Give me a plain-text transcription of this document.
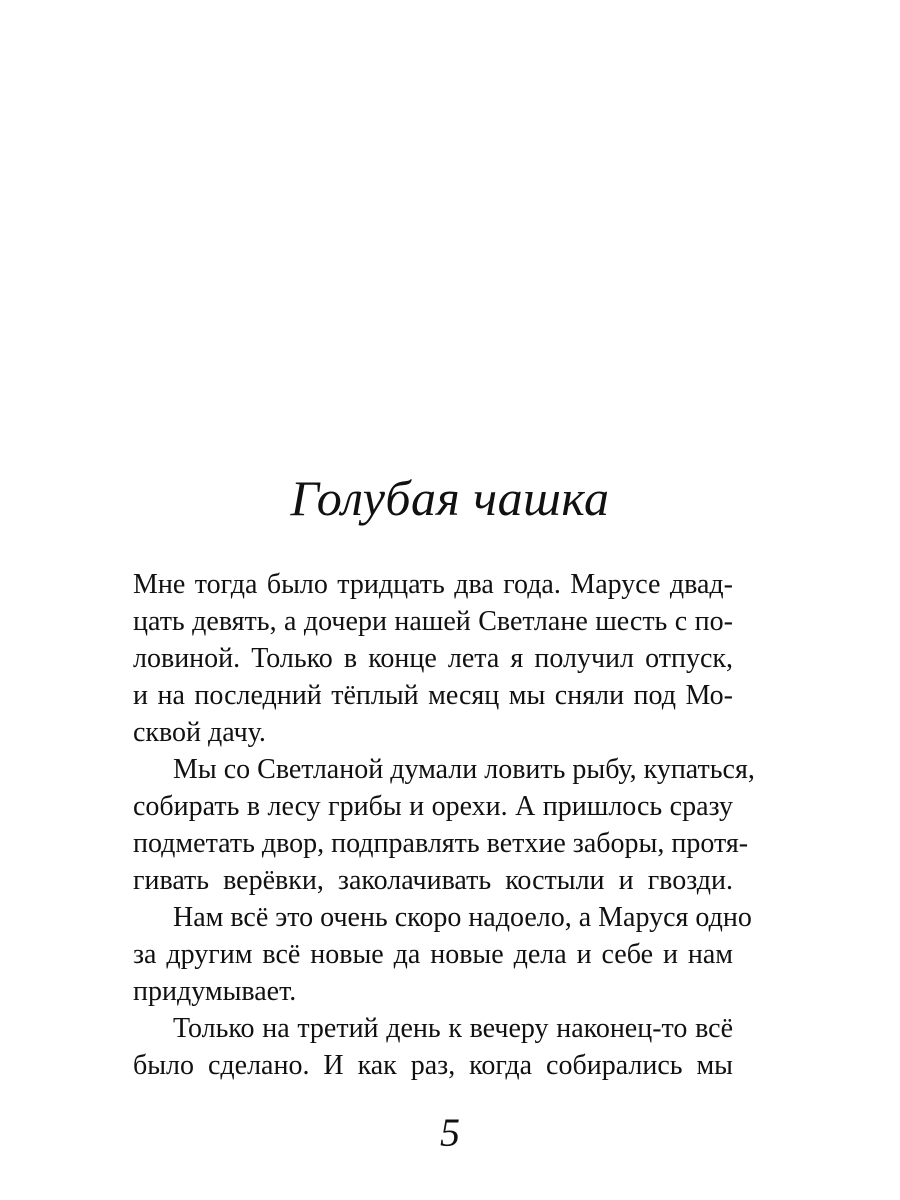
Голубая чашка
Мне тогда было тридцать два года. Марусе двад-
цать девять, а дочери нашей Светлане шесть с по-
ловиной. Только в конце лета я получил отпуск,
и на последний тёплый месяц мы сняли под Мо-
сквой дачу.
Мы со Светланой думали ловить рыбу, купаться,
собирать в лесу грибы и орехи. А пришлось сразу
подметать двор, подправлять ветхие заборы, протя-
гивать верёвки, заколачивать костыли и гвозди.
Нам всё это очень скоро надоело, а Маруся одно
за другим всё новые да новые дела и себе и нам
придумывает.
Только на третий день к вечеру наконец-то всё
было сделано. И как раз, когда собирались мы
5
